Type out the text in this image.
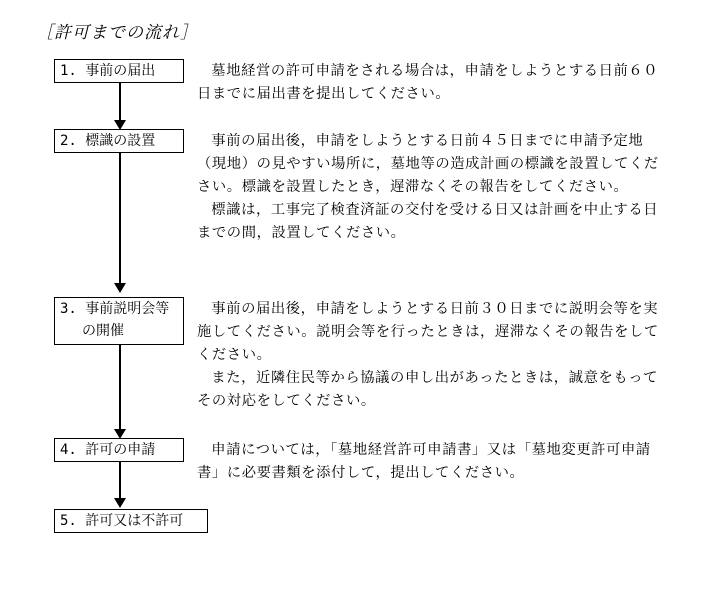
［許可までの流れ］
1. 事前の届出
2. 標識の設置
3. 事前説明会等
の開催
4. 許可の申請
5. 許可又は不許可

墓地経営の許可申請をされる場合は，申請をしようとする日前６０日までに届出書を提出してください。

事前の届出後，申請をしようとする日前４５日までに申請予定地（現地）の見やすい場所に，墓地等の造成計画の標識を設置してください。標識を設置したとき，遅滞なくその報告をしてください。

標識は，工事完了検査済証の交付を受ける日又は計画を中止する日までの間，設置してください。

事前の届出後，申請をしようとする日前３０日までに説明会等を実施してください。説明会等を行ったときは，遅滞なくその報告をしてください。

また，近隣住民等から協議の申し出があったときは，誠意をもってその対応をしてください。

申請については，「墓地経営許可申請書」又は「墓地変更許可申請書」に必要書類を添付して，提出してください。
